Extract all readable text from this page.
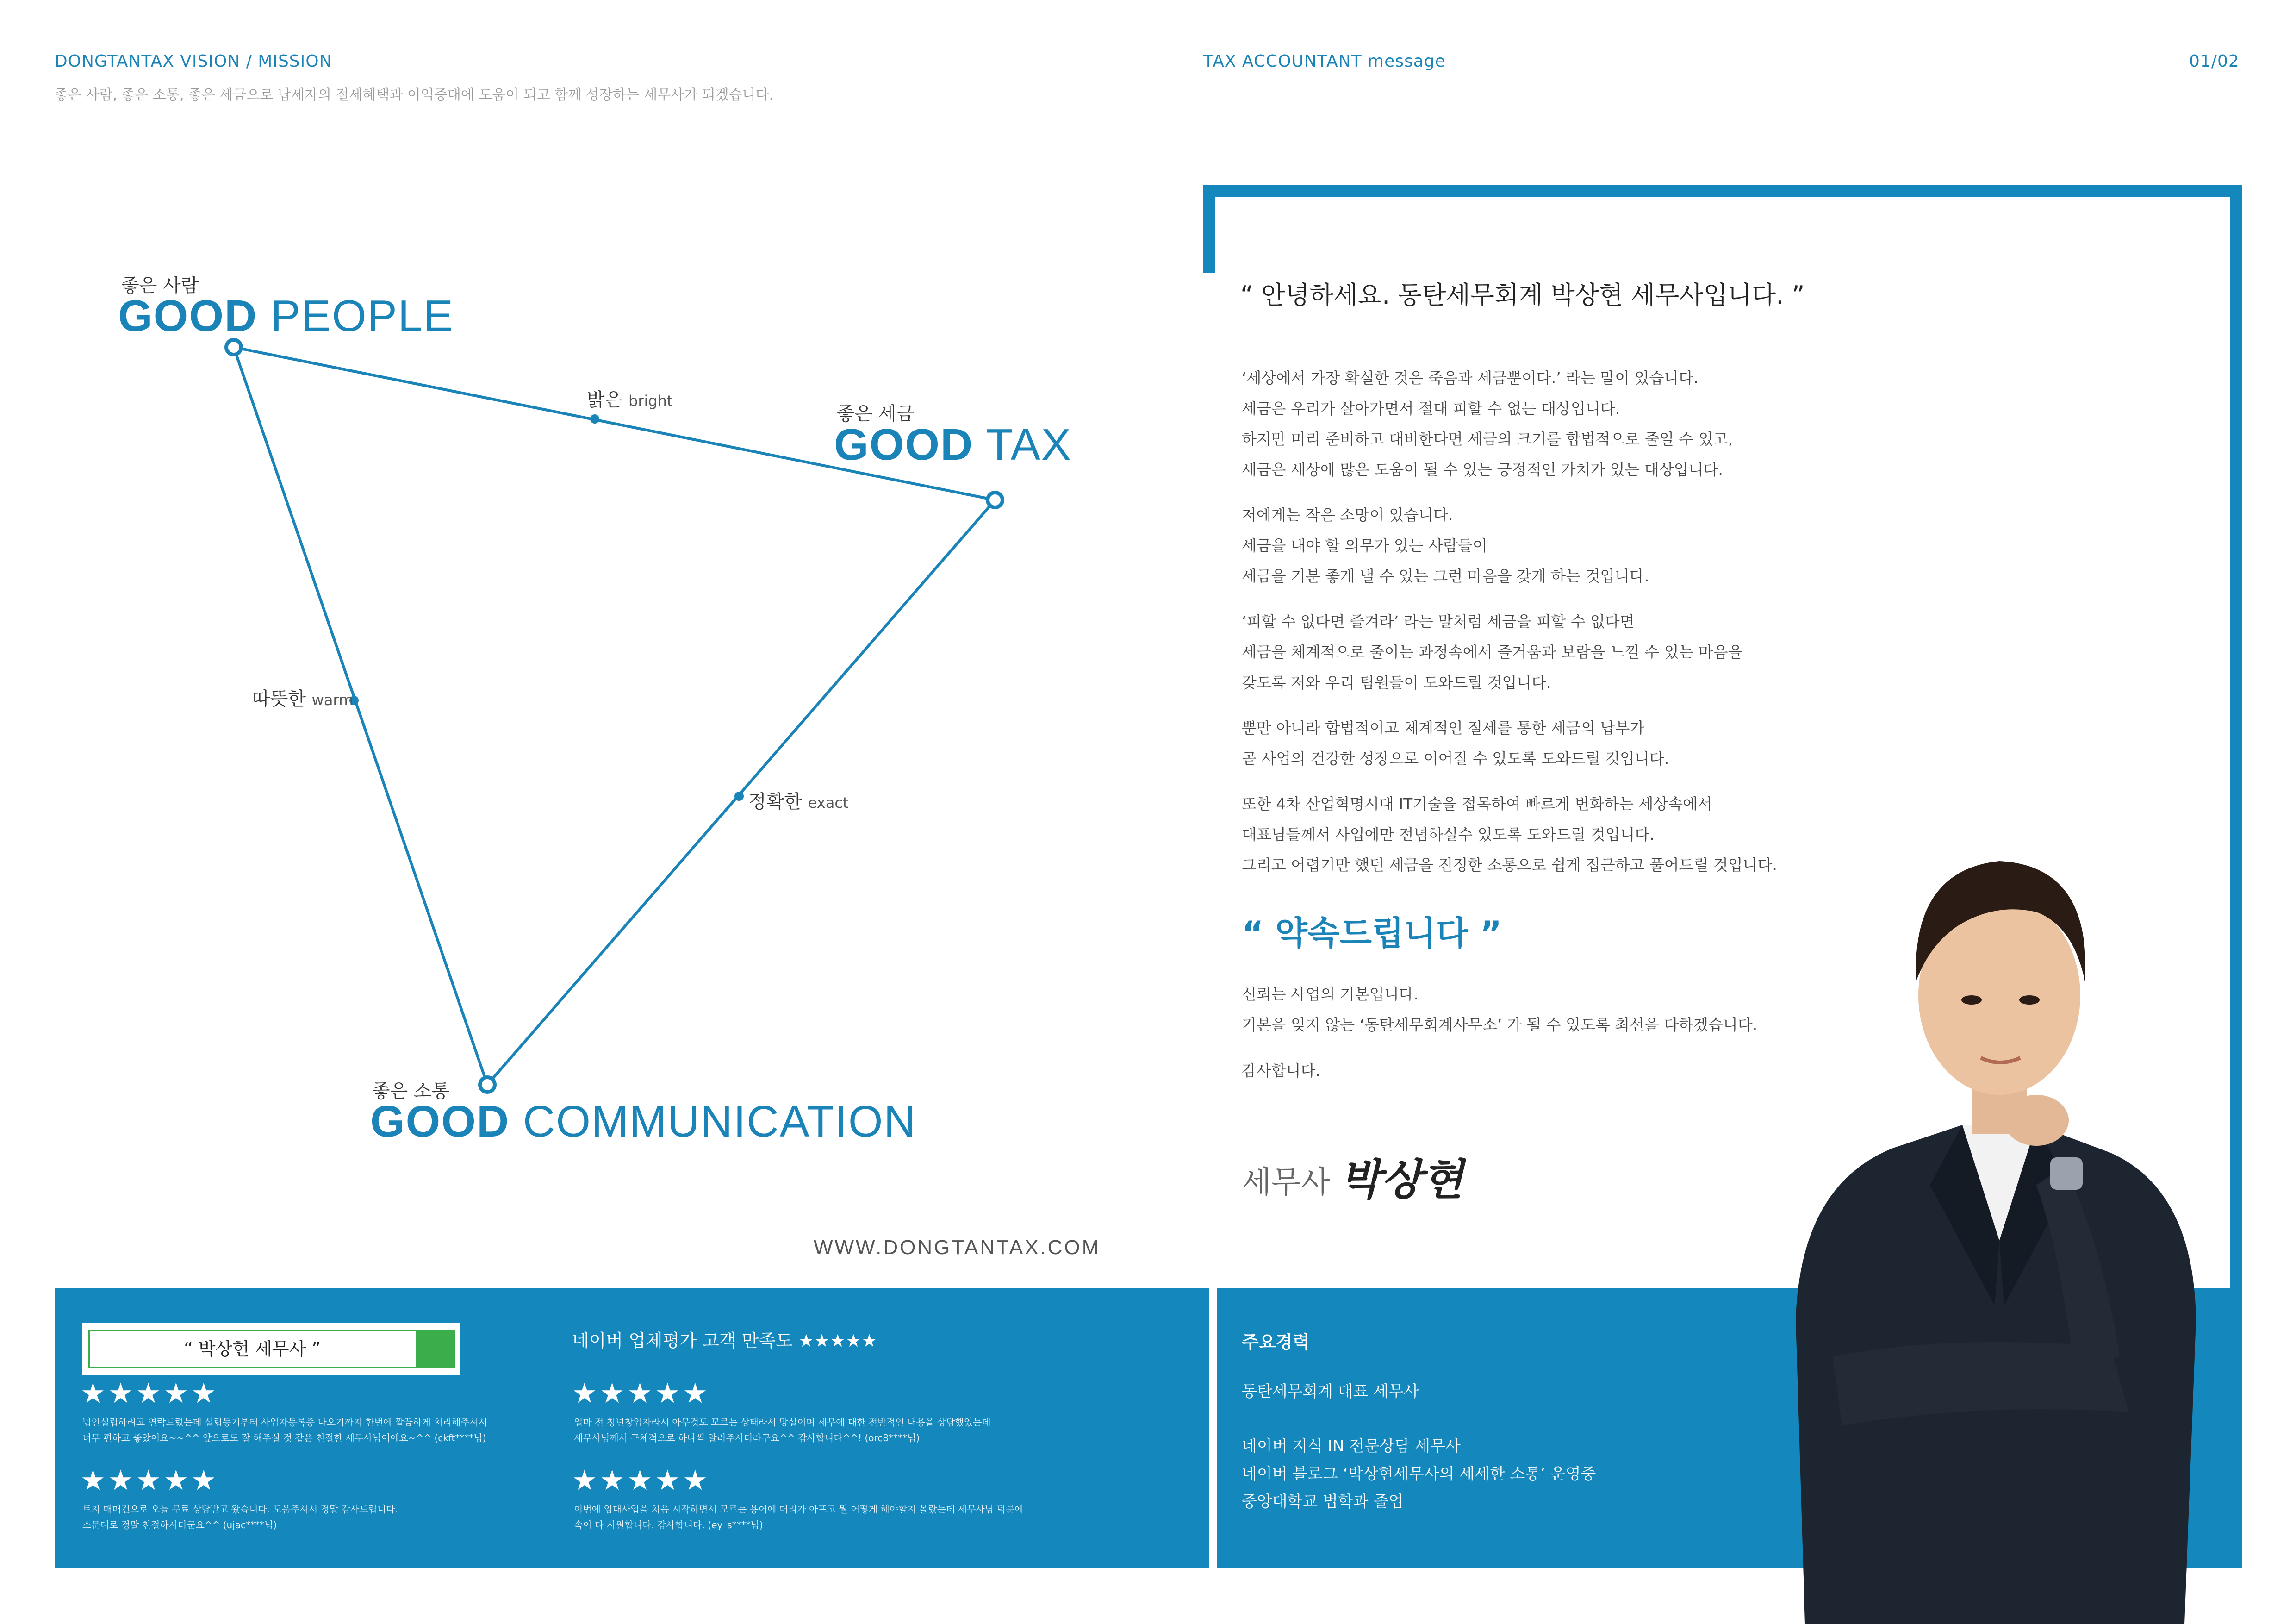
DONGTANTAX VISION / MISSION
좋은 사람, 좋은 소통, 좋은 세금으로 납세자의 절세혜택과 이익증대에 도움이 되고 함께 성장하는 세무사가 되겠습니다.
TAX ACCOUNTANT message	01/02
좋은 사람
GOOD PEOPLE
좋은 세금
GOOD TAX
좋은 소통
GOOD COMMUNICATION
밝은 bright
따뜻한 warm
정확한 exact
WWW.DONGTANTAX.COM
“ 안녕하세요. 동탄세무회계 박상현 세무사입니다. ”
‘세상에서 가장 확실한 것은 죽음과 세금뿐이다.’ 라는 말이 있습니다.
세금은 우리가 살아가면서 절대 피할 수 없는 대상입니다.
하지만 미리 준비하고 대비한다면 세금의 크기를 합법적으로 줄일 수 있고,
세금은 세상에 많은 도움이 될 수 있는 긍정적인 가치가 있는 대상입니다.
저에게는 작은 소망이 있습니다.
세금을 내야 할 의무가 있는 사람들이
세금을 기분 좋게 낼 수 있는 그런 마음을 갖게 하는 것입니다.
‘피할 수 없다면 즐겨라’ 라는 말처럼 세금을 피할 수 없다면
세금을 체계적으로 줄이는 과정속에서 즐거움과 보람을 느낄 수 있는 마음을
갖도록 저와 우리 팀원들이 도와드릴 것입니다.
뿐만 아니라 합법적이고 체계적인 절세를 통한 세금의 납부가
곧 사업의 건강한 성장으로 이어질 수 있도록 도와드릴 것입니다.
또한 4차 산업혁명시대 IT기술을 접목하여 빠르게 변화하는 세상속에서
대표님들께서 사업에만 전념하실수 있도록 도와드릴 것입니다.
그리고 어렵기만 했던 세금을 진정한 소통으로 쉽게 접근하고 풀어드릴 것입니다.
“ 약속드립니다 ”
신뢰는 사업의 기본입니다.
기본을 잊지 않는 ‘동탄세무회계사무소’ 가 될 수 있도록 최선을 다하겠습니다.
감사합니다.
세무사 박상현
“ 박상현 세무사 ”	네이버 업체평가 고객 만족도 ★★★★★
★★★★★
법인설립하려고 연락드렸는데 설립등기부터 사업자등록증 나오기까지 한번에 깔끔하게 처리해주셔서
너무 편하고 좋았어요~~^^ 앞으로도 잘 해주실 것 같은 친절한 세무사님이에요~^^ (ckft****님)
★★★★★
토지 매매건으로 오늘 무료 상담받고 왔습니다. 도움주셔서 정말 감사드립니다.
소문대로 정말 친절하시더군요^^ (ujac****님)
★★★★★
얼마 전 청년창업자라서 아무것도 모르는 상태라서 망설이며 세무에 대한 전반적인 내용을 상담했었는데
세무사님께서 구체적으로 하나씩 알려주시더라구요^^ 감사합니다^^! (orc8****님)
★★★★★
이번에 임대사업을 처음 시작하면서 모르는 용어에 머리가 아프고 뭘 어떻게 해야할지 몰랐는데 세무사님 덕분에
속이 다 시원합니다. 감사합니다. (ey_s****님)
주요경력
동탄세무회계 대표 세무사
네이버 지식 IN 전문상담 세무사
네이버 블로그 ‘박상현세무사의 세세한 소통’ 운영중
중앙대학교 법학과 졸업
